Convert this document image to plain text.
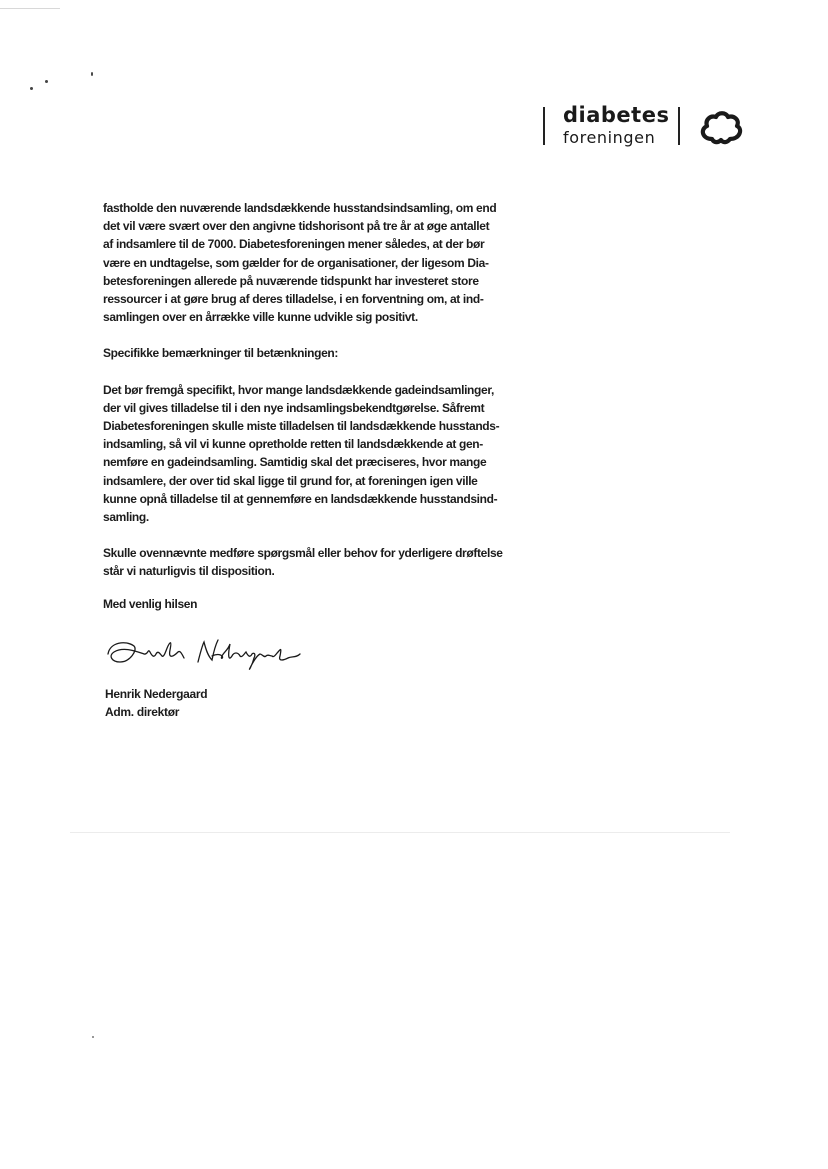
diabetes
foreningen

fastholde den nuværende landsdækkende husstandsindsamling, om end
det vil være svært over den angivne tidshorisont på tre år at øge antallet
af indsamlere til de 7000. Diabetesforeningen mener således, at der bør
være en undtagelse, som gælder for de organisationer, der ligesom Dia-
betesforeningen allerede på nuværende tidspunkt har investeret store
ressourcer i at gøre brug af deres tilladelse, i en forventning om, at ind-
samlingen over en årrække ville kunne udvikle sig positivt.

Specifikke bemærkninger til betænkningen:

Det bør fremgå specifikt, hvor mange landsdækkende gadeindsamlinger,
der vil gives tilladelse til i den nye indsamlingsbekendtgørelse. Såfremt
Diabetesforeningen skulle miste tilladelsen til landsdækkende husstands-
indsamling, så vil vi kunne opretholde retten til landsdækkende at gen-
nemføre en gadeindsamling. Samtidig skal det præciseres, hvor mange
indsamlere, der over tid skal ligge til grund for, at foreningen igen ville
kunne opnå tilladelse til at gennemføre en landsdækkende husstandsind-
samling.

Skulle ovennævnte medføre spørgsmål eller behov for yderligere drøftelse
står vi naturligvis til disposition.

Med venlig hilsen

Henrik Nedergaard
Adm. direktør
